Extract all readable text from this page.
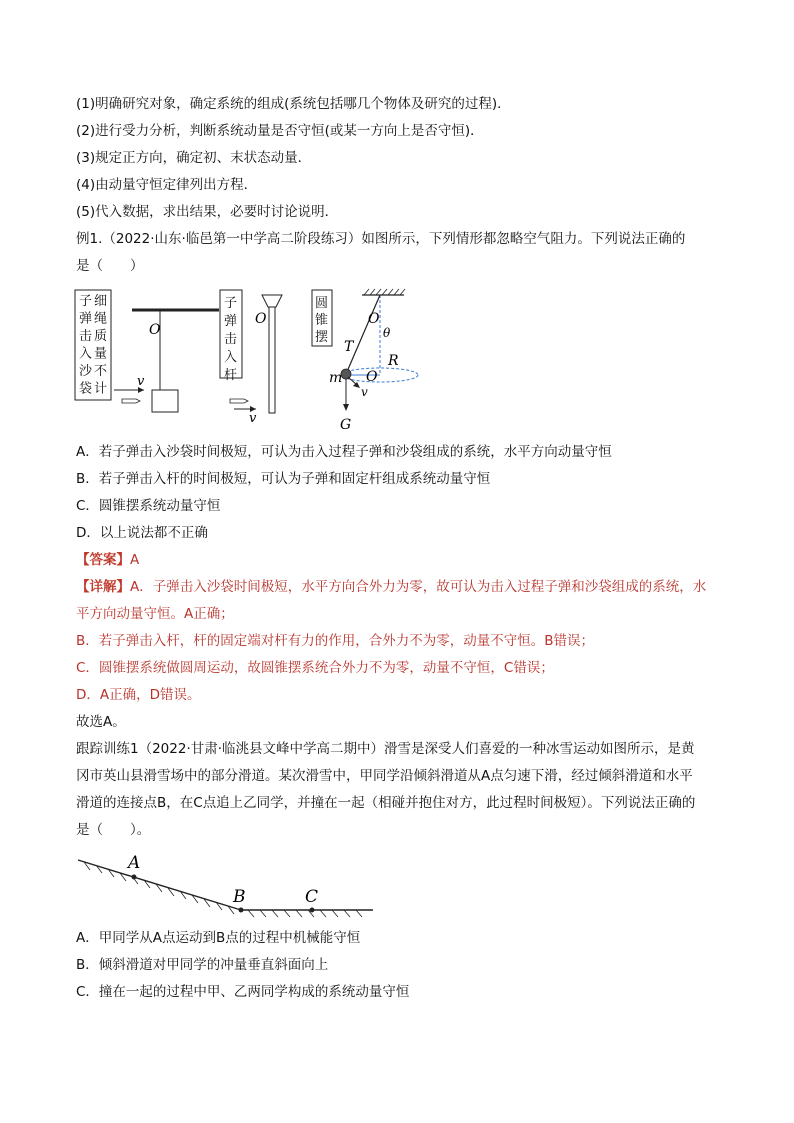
(1)明确研究对象，确定系统的组成(系统包括哪几个物体及研究的过程)．
(2)进行受力分析，判断系统动量是否守恒(或某一方向上是否守恒)．
(3)规定正方向，确定初、末状态动量．
(4)由动量守恒定律列出方程．
(5)代入数据，求出结果，必要时讨论说明．
例1.（2022·山东·临邑第一中学高二阶段练习）如图所示，下列情形都忽略空气阻力。下列说法正确的
是（　　）
子弹击入沙袋
细绳质量不计
O
v
子弹击入杆
O
v
圆锥摆
O
θ
T
R
O
m
v
G
A．若子弹击入沙袋时间极短，可认为击入过程子弹和沙袋组成的系统，水平方向动量守恒
B．若子弹击入杆的时间极短，可认为子弹和固定杆组成系统动量守恒
C．圆锥摆系统动量守恒
D．以上说法都不正确
【答案】A
【详解】A．子弹击入沙袋时间极短，水平方向合外力为零，故可认为击入过程子弹和沙袋组成的系统，水
平方向动量守恒。A正确；
B．若子弹击入杆，杆的固定端对杆有力的作用，合外力不为零，动量不守恒。B错误；
C．圆锥摆系统做圆周运动，故圆锥摆系统合外力不为零，动量不守恒，C错误；
D．A正确，D错误。
故选A。
跟踪训练1（2022·甘肃·临洮县文峰中学高二期中）滑雪是深受人们喜爱的一种冰雪运动如图所示，是黄
冈市英山县滑雪场中的部分滑道。某次滑雪中，甲同学沿倾斜滑道从A点匀速下滑，经过倾斜滑道和水平
滑道的连接点B，在C点追上乙同学，并撞在一起（相碰并抱住对方，此过程时间极短）。下列说法正确的
是（　　）。
A
B	C
A．甲同学从A点运动到B点的过程中机械能守恒
B．倾斜滑道对甲同学的冲量垂直斜面向上
C．撞在一起的过程中甲、乙两同学构成的系统动量守恒
